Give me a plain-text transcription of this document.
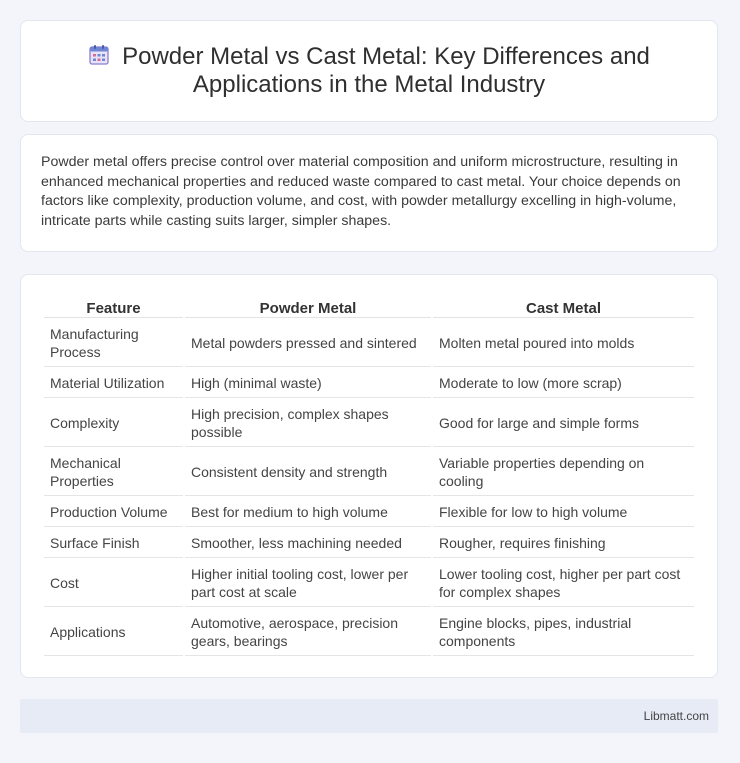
Powder Metal vs Cast Metal: Key Differences and Applications in the Metal Industry

Powder metal offers precise control over material composition and uniform microstructure, resulting in enhanced mechanical properties and reduced waste compared to cast metal. Your choice depends on factors like complexity, production volume, and cost, with powder metallurgy excelling in high-volume, intricate parts while casting suits larger, simpler shapes.

Feature	Powder Metal	Cast Metal
Manufacturing Process	Metal powders pressed and sintered	Molten metal poured into molds
Material Utilization	High (minimal waste)	Moderate to low (more scrap)
Complexity	High precision, complex shapes possible	Good for large and simple forms
Mechanical Properties	Consistent density and strength	Variable properties depending on cooling
Production Volume	Best for medium to high volume	Flexible for low to high volume
Surface Finish	Smoother, less machining needed	Rougher, requires finishing
Cost	Higher initial tooling cost, lower per part cost at scale	Lower tooling cost, higher per part cost for complex shapes
Applications	Automotive, aerospace, precision gears, bearings	Engine blocks, pipes, industrial components
Libmatt.com
